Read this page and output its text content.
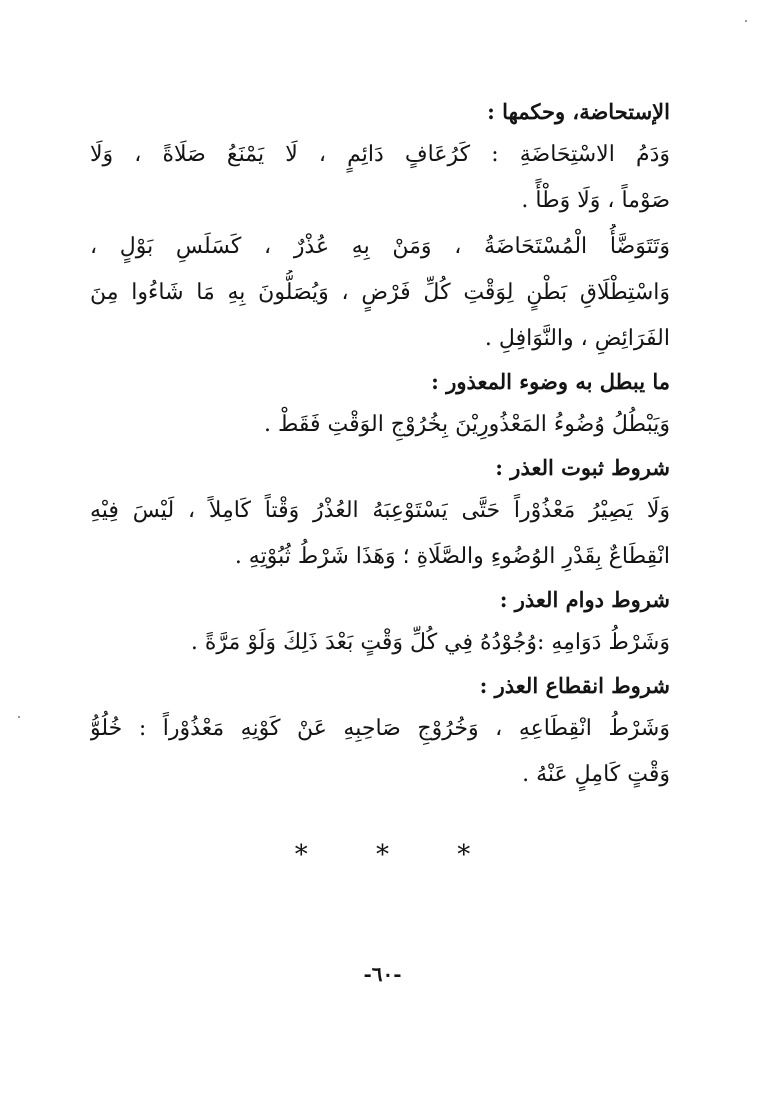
الإستحاضة، وحكمها :
وَدَمُ الاسْتِحَاضَةِ : كَرُعَافٍ دَائِمٍ ، لَا يَمْنَعُ صَلَاةً ، وَلَا
صَوْماً ، وَلَا وَطْأً .
وَتَتَوَضَّأُ الْمُسْتَحَاضَةُ ، وَمَنْ بِهِ عُذْرٌ ، كَسَلَسِ بَوْلٍ ،
وَاسْتِطْلَاقِ بَطْنٍ لِوَقْتِ كُلِّ فَرْضٍ ، وَيُصَلُّونَ بِهِ مَا شَاءُوا مِنَ
الفَرَائِضِ ، والنَّوَافِلِ .
ما يبطل به وضوء المعذور :
وَيَبْطُلُ وُضُوءُ المَعْذُورِيْنَ بِخُرُوْجِ الوَقْتِ فَقَطْ .
شروط ثبوت العذر :
وَلَا يَصِيْرُ مَعْذُوْراً حَتَّى يَسْتَوْعِبَهُ العُذْرُ وَقْتاً كَامِلاً ، لَيْسَ فِيْهِ
انْقِطَاعٌ بِقَدْرِ الوُضُوءِ والصَّلَاةِ ؛ وَهَذَا شَرْطُ ثُبُوْتِهِ .
شروط دوام العذر :
وَشَرْطُ دَوَامِهِ :وُجُوْدُهُ فِي كُلِّ وَقْتٍ بَعْدَ ذَلِكَ وَلَوْ مَرَّةً .
شروط انقطاع العذر :
وَشَرْطُ انْقِطَاعِهِ ، وَخُرُوْجِ صَاحِبِهِ عَنْ كَوْنِهِ مَعْذُوْراً : خُلُوُّ
وَقْتٍ كَامِلٍ عَنْهُ .
*	*	*
-٦٠-
